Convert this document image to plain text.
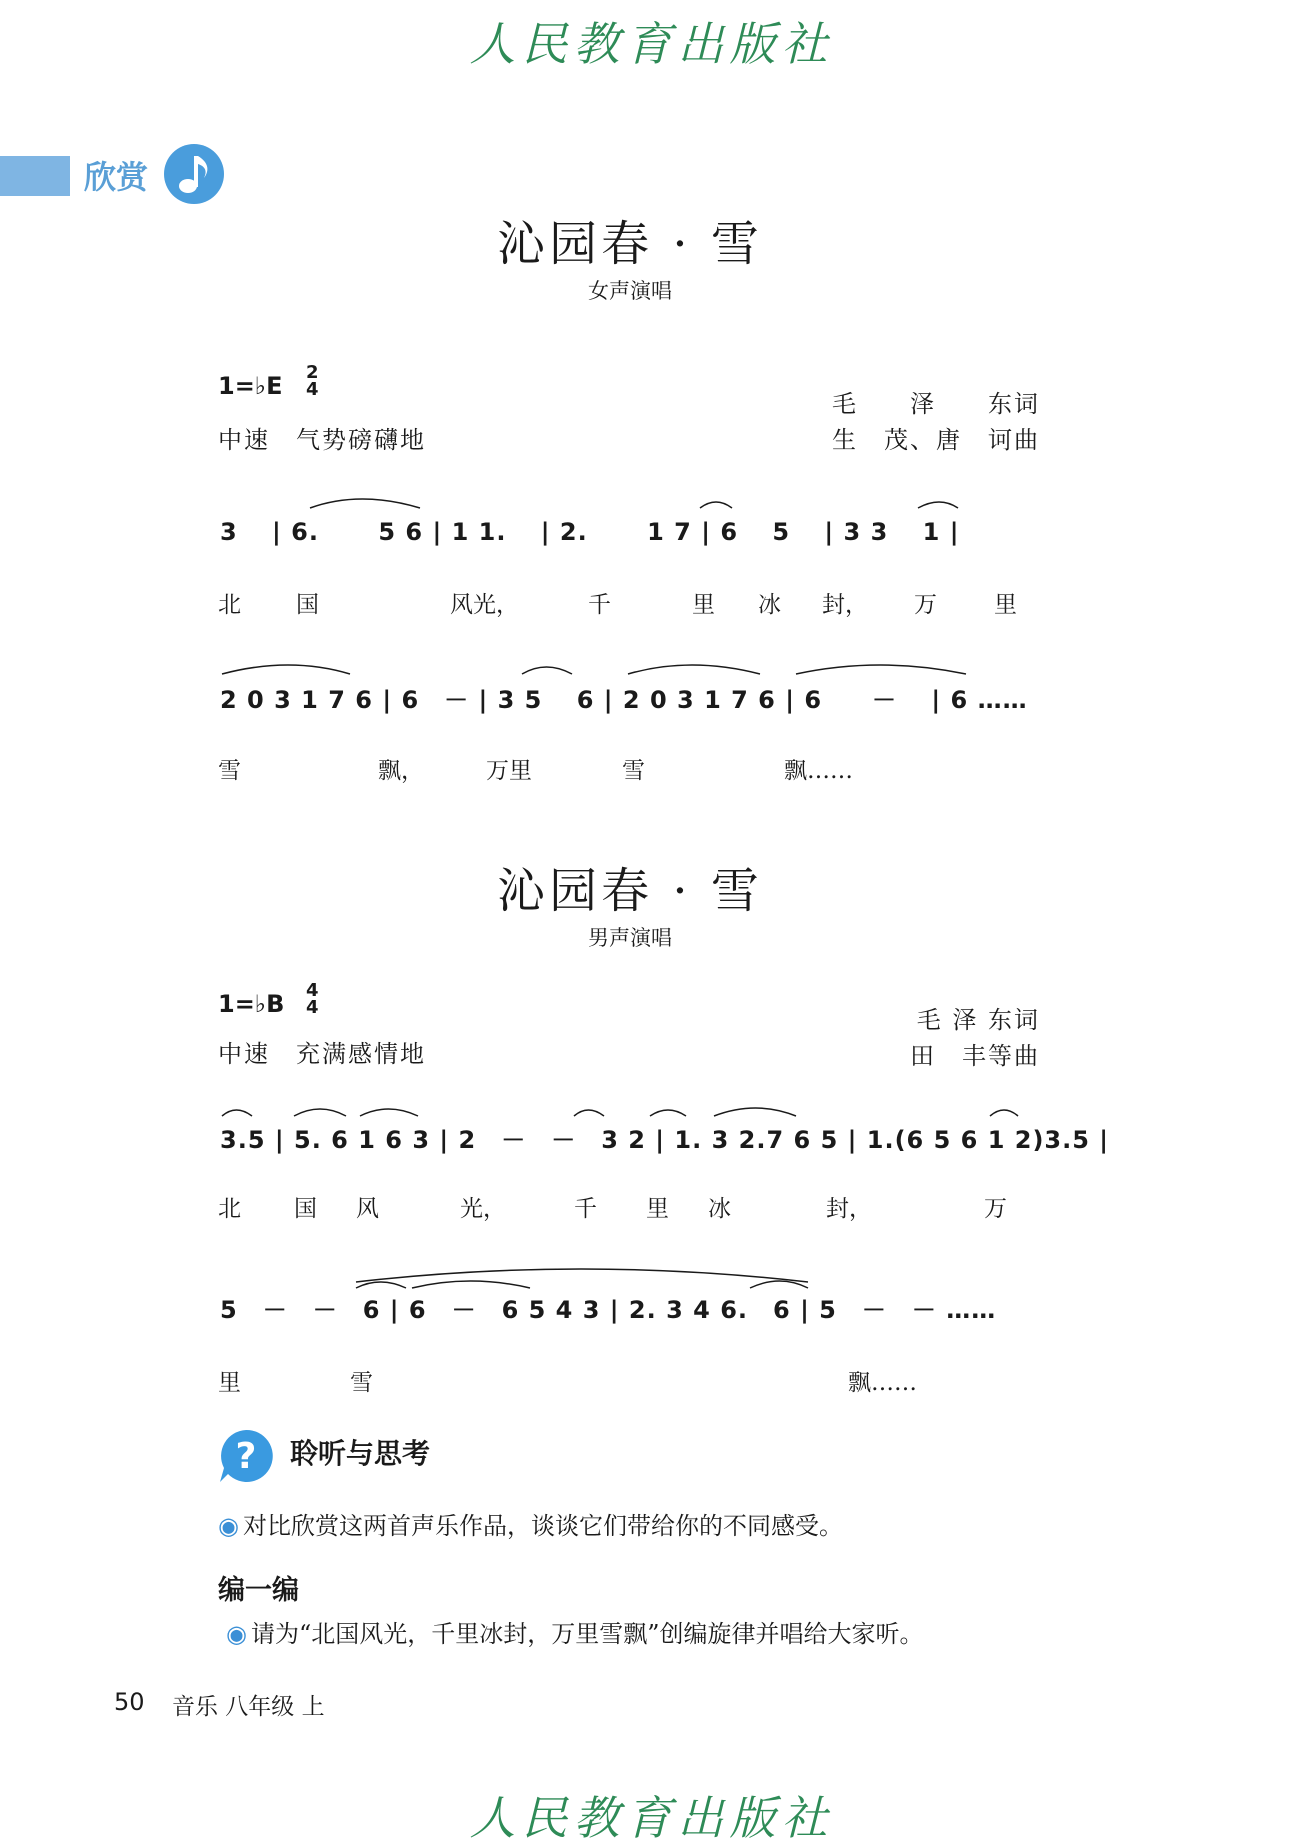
人民教育出版社
欣赏
沁园春 · 雪
女声演唱
1=♭E 2
4
中速　气势磅礴地
毛　　泽　　东词
生　茂、唐　诃曲
3　 | 6.　　 5 6 | 1 1.　 | 2.　　 1 7 | 6　 5　 | 3 3　 1 |
北 国	风光，	千	里 冰 封， 万 里
2 0 3 1 7 6 | 6　－ | 3 5　 6 | 2 0 3 1 7 6 | 6　　－　 | 6 ……
雪	飘，	万里	雪	飘……
沁园春 · 雪
男声演唱
1=♭B 4
4
中速　充满感情地
毛 泽 东词
田　丰等曲
3.5 | 5. 6 1 6 3 | 2　－　－　3 2 | 1. 3 2.7 6 5 | 1.(6 5 6 1 2)3.5 |
北 国 风	光，	千 里 冰	封，	万
5　－　－　6 | 6　－　6 5 4 3 | 2. 3 4 6.　6 | 5　－　－ ……
里	雪	飘……
? 聆听与思考
◉ 对比欣赏这两首声乐作品，谈谈它们带给你的不同感受。
编一编
◉ 请为“北国风光，千里冰封，万里雪飘”创编旋律并唱给大家听。
50 音乐 八年级 上
人民教育出版社
